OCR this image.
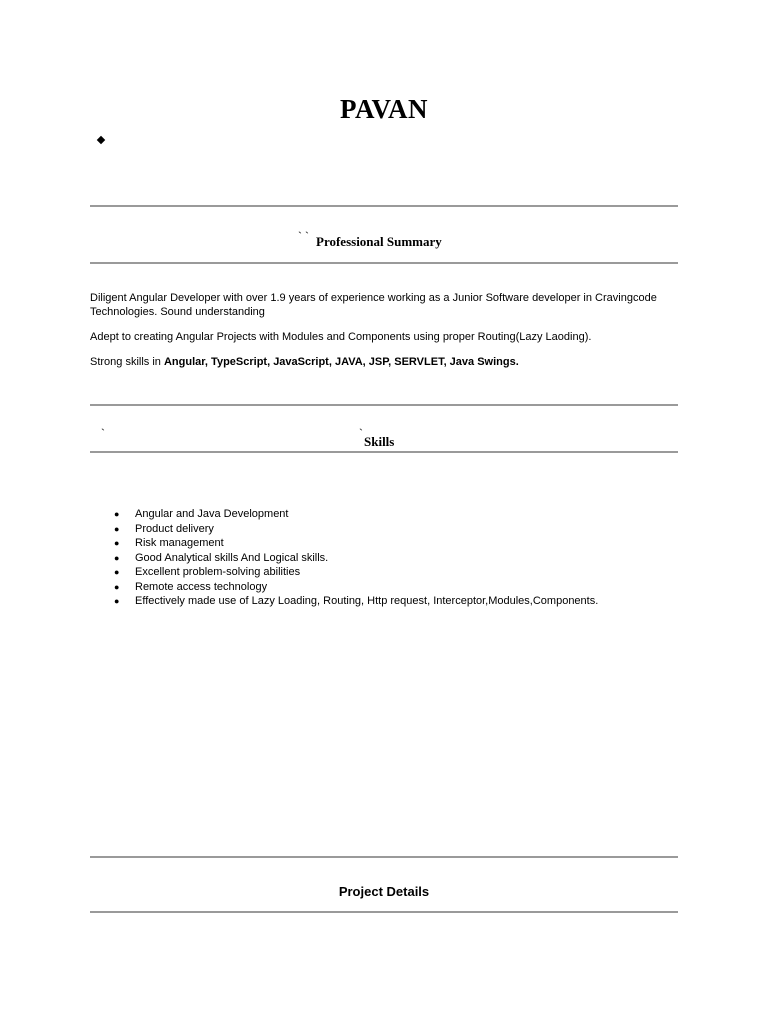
PAVAN
` ` Professional Summary
Diligent Angular Developer with over 1.9 years of experience working as a Junior Software developer in Cravingcode Technologies. Sound understanding
Adept to creating Angular Projects with Modules and Components using proper Routing(Lazy Laoding).
Strong skills in Angular, TypeScript, JavaScript, JAVA, JSP, SERVLET, Java Swings.
`	`
Skills
●	Angular and Java Development
●	Product delivery
●	Risk management
●	Good Analytical skills And Logical skills.
●	Excellent problem-solving abilities
●	Remote access technology
●	Effectively made use of Lazy Loading, Routing, Http request, Interceptor,Modules,Components.
Project Details
